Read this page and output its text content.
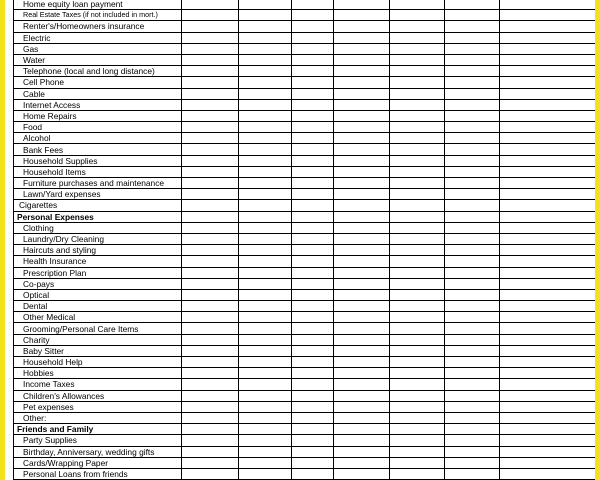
Home equity loan payment							
Real Estate Taxes (if not included in mort.)							
Renter's/Homeowners insurance							
Electric							
Gas							
Water							
Telephone (local and long distance)							
Cell Phone							
Cable							
Internet Access							
Home Repairs							
Food							
Alcohol							
Bank Fees							
Household Supplies							
Household Items							
Furniture purchases and maintenance							
Lawn/Yard expenses							
Cigarettes							
Personal Expenses							
Clothing							
Laundry/Dry Cleaning							
Haircuts and styling							
Health Insurance							
Prescription Plan							
Co-pays							
Optical							
Dental							
Other Medical							
Grooming/Personal Care Items							
Charity							
Baby Sitter							
Household Help							
Hobbies							
Income Taxes							
Children's Allowances							
Pet expenses							
Other:							
Friends and Family							
Party Supplies							
Birthday, Anniversary, wedding gifts							
Cards/Wrapping Paper							
Personal Loans from friends							
